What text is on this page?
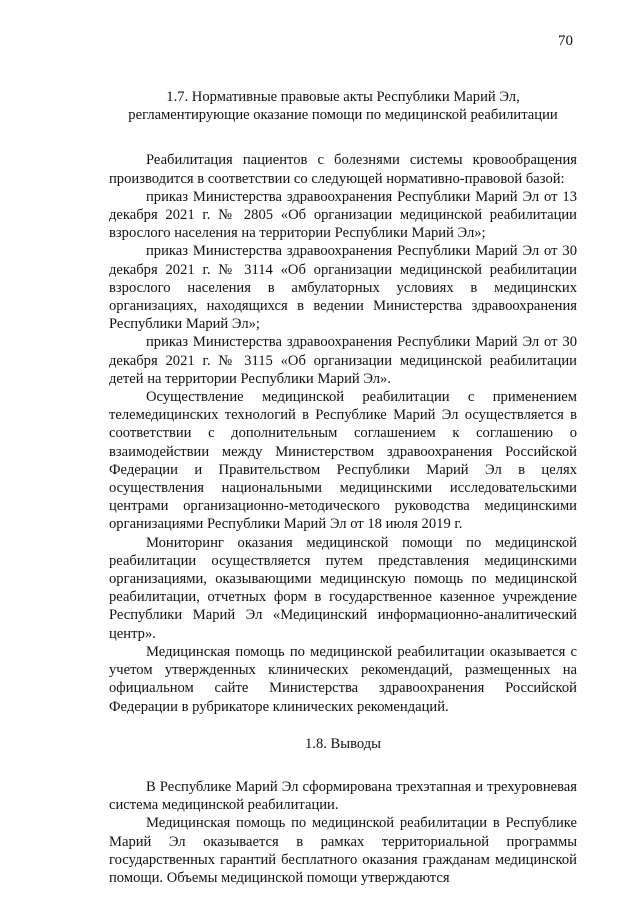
70
1.7. Нормативные правовые акты Республики Марий Эл,
регламентирующие оказание помощи по медицинской реабилитации

Реабилитация пациентов с болезнями системы кровообращения производится в соответствии со следующей нормативно-правовой базой:

приказ Министерства здравоохранения Республики Марий Эл от 13 декабря 2021 г. № 2805 «Об организации медицинской реабилитации взрослого населения на территории Республики Марий Эл»;

приказ Министерства здравоохранения Республики Марий Эл от 30 декабря 2021 г. № 3114 «Об организации медицинской реабилитации взрослого населения в амбулаторных условиях в медицинских организациях, находящихся в ведении Министерства здравоохранения Республики Марий Эл»;

приказ Министерства здравоохранения Республики Марий Эл от 30 декабря 2021 г. № 3115 «Об организации медицинской реабилитации детей на территории Республики Марий Эл».

Осуществление медицинской реабилитации с применением телемедицинских технологий в Республике Марий Эл осуществляется в соответствии с дополнительным соглашением к соглашению о взаимодействии между Министерством здравоохранения Российской Федерации и Правительством Республики Марий Эл в целях осуществления национальными медицинскими исследовательскими центрами организационно-методического руководства медицинскими организациями Республики Марий Эл от 18 июля 2019 г.

Мониторинг оказания медицинской помощи по медицинской реабилитации осуществляется путем представления медицинскими организациями, оказывающими медицинскую помощь по медицинской реабилитации, отчетных форм в государственное казенное учреждение Республики Марий Эл «Медицинский информационно-аналитический центр».

Медицинская помощь по медицинской реабилитации оказывается с учетом утвержденных клинических рекомендаций, размещенных на официальном сайте Министерства здравоохранения Российской Федерации в рубрикаторе клинических рекомендаций.

1.8. Выводы

В Республике Марий Эл сформирована трехэтапная и трехуровневая система медицинской реабилитации.

Медицинская помощь по медицинской реабилитации в Республике Марий Эл оказывается в рамках территориальной программы государственных гарантий бесплатного оказания гражданам медицинской помощи. Объемы медицинской помощи утверждаются
